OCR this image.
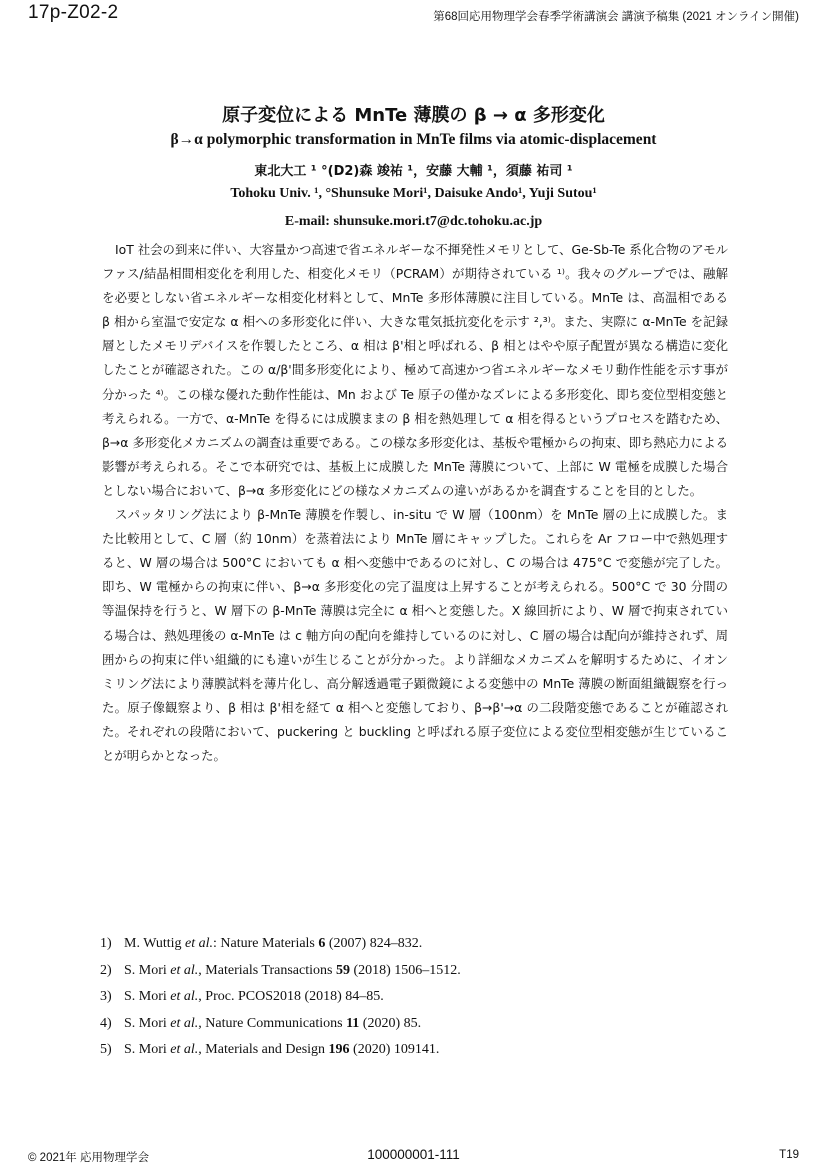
17p-Z02-2	第68回応用物理学会春季学術講演会 講演予稿集 (2021 オンライン開催)
原子変位による MnTe 薄膜の β → α 多形変化
β→α polymorphic transformation in MnTe films via atomic-displacement
東北大工 ¹ °(D2)森 竣祐 ¹，安藤 大輔 ¹，須藤 祐司 ¹
Tohoku Univ. ¹, °Shunsuke Mori¹, Daisuke Ando¹, Yuji Sutou¹
E-mail: shunsuke.mori.t7@dc.tohoku.ac.jp

IoT 社会の到来に伴い、大容量かつ高速で省エネルギーな不揮発性メモリとして、Ge-Sb-Te 系化合物のアモルファス/結晶相間相変化を利用した、相変化メモリ（PCRAM）が期待されている ¹⁾。我々のグループでは、融解を必要としない省エネルギーな相変化材料として、MnTe 多形体薄膜に注目している。MnTe は、高温相である β 相から室温で安定な α 相への多形変化に伴い、大きな電気抵抗変化を示す ²,³⁾。また、実際に α-MnTe を記録層としたメモリデバイスを作製したところ、α 相は β'相と呼ばれる、β 相とはやや原子配置が異なる構造に変化したことが確認された。この α/β'間多形変化により、極めて高速かつ省エネルギーなメモリ動作性能を示す事が分かった ⁴⁾。この様な優れた動作性能は、Mn および Te 原子の僅かなズレによる多形変化、即ち変位型相変態と考えられる。一方で、α-MnTe を得るには成膜ままの β 相を熱処理して α 相を得るというプロセスを踏むため、β→α 多形変化メカニズムの調査は重要である。この様な多形変化は、基板や電極からの拘束、即ち熱応力による影響が考えられる。そこで本研究では、基板上に成膜した MnTe 薄膜について、上部に W 電極を成膜した場合としない場合において、β→α 多形変化にどの様なメカニズムの違いがあるかを調査することを目的とした。

スパッタリング法により β-MnTe 薄膜を作製し、in-situ で W 層（100nm）を MnTe 層の上に成膜した。また比較用として、C 層（約 10nm）を蒸着法により MnTe 層にキャップした。これらを Ar フロー中で熱処理すると、W 層の場合は 500°C においても α 相へ変態中であるのに対し、C の場合は 475°C で変態が完了した。即ち、W 電極からの拘束に伴い、β→α 多形変化の完了温度は上昇することが考えられる。500°C で 30 分間の等温保持を行うと、W 層下の β-MnTe 薄膜は完全に α 相へと変態した。X 線回折により、W 層で拘束されている場合は、熱処理後の α-MnTe は c 軸方向の配向を維持しているのに対し、C 層の場合は配向が維持されず、周囲からの拘束に伴い組織的にも違いが生じることが分かった。より詳細なメカニズムを解明するために、イオンミリング法により薄膜試料を薄片化し、高分解透過電子顕微鏡による変態中の MnTe 薄膜の断面組織観察を行った。原子像観察より、β 相は β'相を経て α 相へと変態しており、β→β'→α の二段階変態であることが確認された。それぞれの段階において、puckering と buckling と呼ばれる原子変位による変位型相変態が生じていることが明らかとなった。

1) M. Wuttig et al.: Nature Materials 6 (2007) 824–832.
2) S. Mori et al., Materials Transactions 59 (2018) 1506–1512.
3) S. Mori et al., Proc. PCOS2018 (2018) 84–85.
4) S. Mori et al., Nature Communications 11 (2020) 85.
5) S. Mori et al., Materials and Design 196 (2020) 109141.
© 2021年 応用物理学会	100000001-111	T19
